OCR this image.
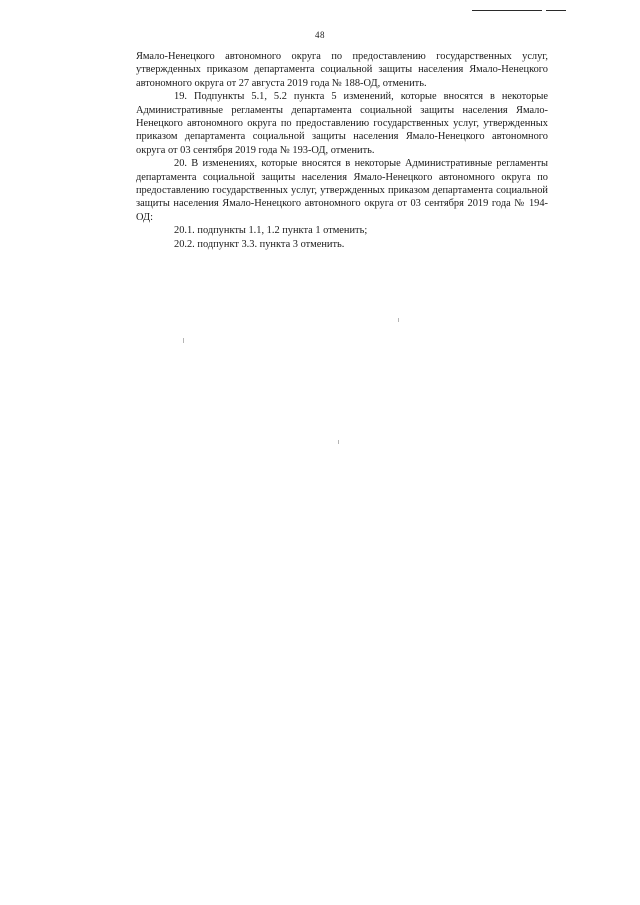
48

Ямало-Ненецкого автономного округа по предоставлению государственных услуг, утвержденных приказом департамента социальной защиты населения Ямало-Ненецкого автономного округа от 27 августа 2019 года № 188-ОД, отменить.

19. Подпункты 5.1, 5.2 пункта 5 изменений, которые вносятся в некоторые Административные регламенты департамента социальной защиты населения Ямало-Ненецкого автономного округа по предоставлению государственных услуг, утвержденных приказом департамента социальной защиты населения Ямало-Ненецкого автономного округа от 03 сентября 2019 года № 193-ОД, отменить.

20. В изменениях, которые вносятся в некоторые Административные регламенты департамента социальной защиты населения Ямало-Ненецкого автономного округа по предоставлению государственных услуг, утвержденных приказом департамента социальной защиты населения Ямало-Ненецкого автономного округа от 03 сентября 2019 года № 194-ОД:

20.1. подпункты 1.1, 1.2 пункта 1 отменить;

20.2. подпункт 3.3. пункта 3 отменить.
